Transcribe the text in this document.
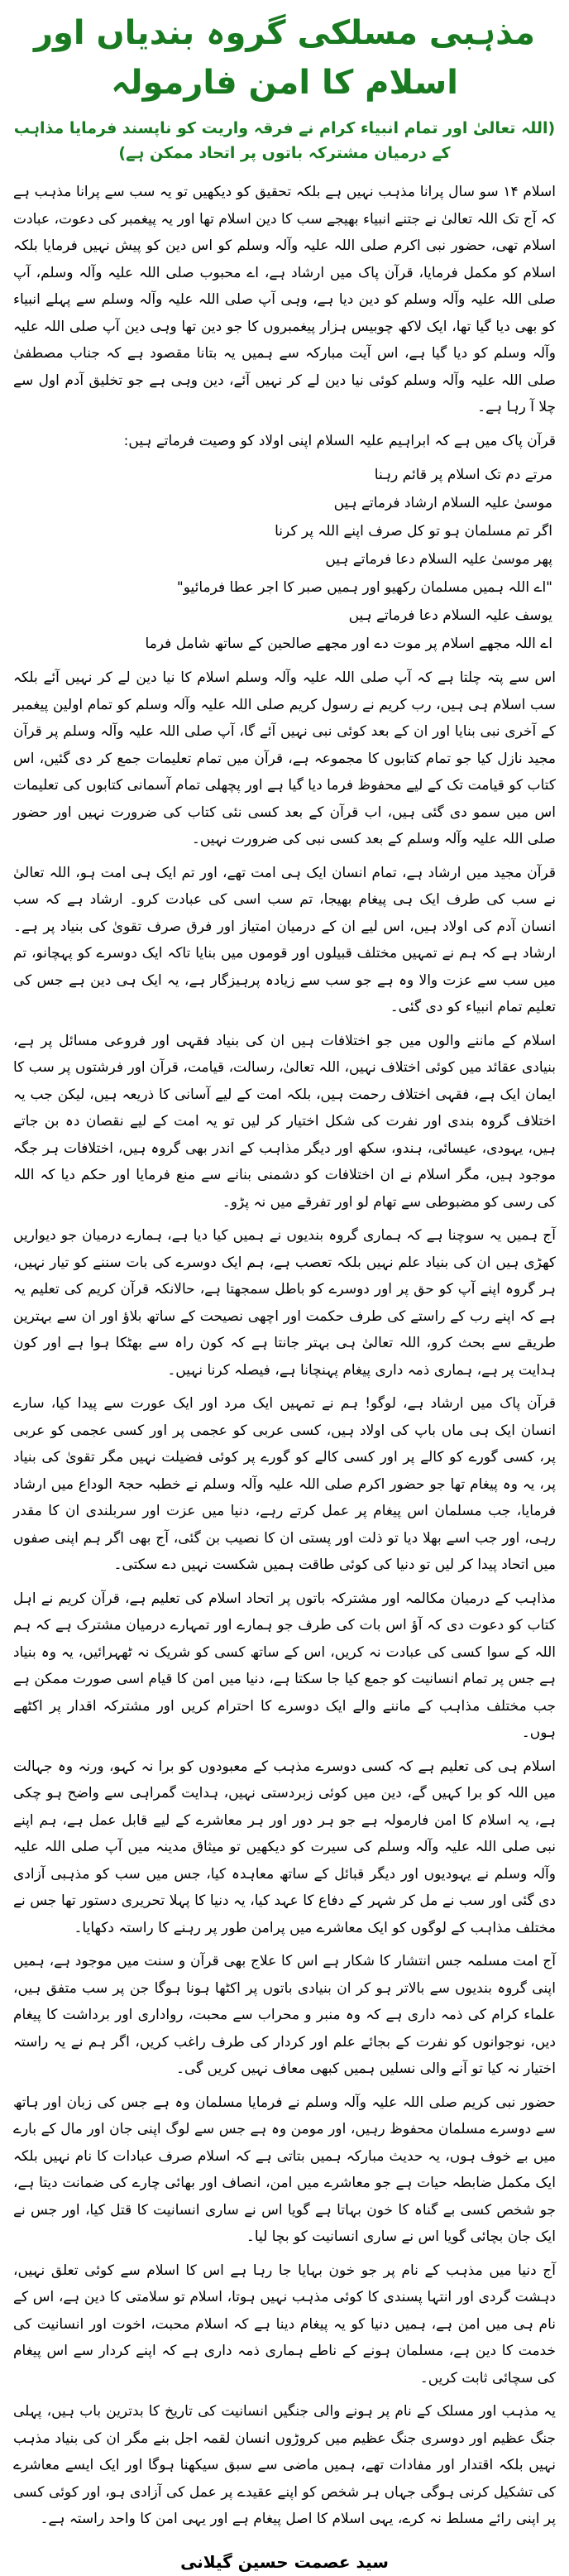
مذہبی مسلکی گروہ بندیاں اور اسلام کا امن فارمولہ

(اللہ تعالیٰ اور تمام انبیاء کرام نے فرقہ واریت کو ناپسند فرمایا مذاہب کے درمیان مشترکہ باتوں پر اتحاد ممکن ہے)

اسلام ۱۴ سو سال پرانا مذہب نہیں ہے بلکہ تحقیق کو دیکھیں تو یہ سب سے پرانا مذہب ہے کہ آج تک اللہ تعالیٰ نے جتنے انبیاء بھیجے سب کا دین اسلام تھا اور یہ پیغمبر کی دعوت، عبادت اسلام تھی، حضور نبی اکرم صلی اللہ علیہ وآلہ وسلم کو اس دین کو پیش نہیں فرمایا بلکہ اسلام کو مکمل فرمایا، قرآن پاک میں ارشاد ہے، اے محبوب صلی اللہ علیہ وآلہ وسلم، آپ صلی اللہ علیہ وآلہ وسلم کو دین دیا ہے، وہی آپ صلی اللہ علیہ وآلہ وسلم سے پہلے انبیاء کو بھی دیا گیا تھا، ایک لاکھ چوبیس ہزار پیغمبروں کا جو دین تھا وہی دین آپ صلی اللہ علیہ وآلہ وسلم کو دیا گیا ہے، اس آیت مبارکہ سے ہمیں یہ بتانا مقصود ہے کہ جناب مصطفیٰ صلی اللہ علیہ وآلہ وسلم کوئی نیا دین لے کر نہیں آئے، دین وہی ہے جو تخلیق آدم اول سے چلا آ رہا ہے۔

قرآن پاک میں ہے کہ ابراہیم علیہ السلام اپنی اولاد کو وصیت فرماتے ہیں:

مرتے دم تک اسلام پر قائم رہنا

موسیٰ علیہ السلام ارشاد فرماتے ہیں

اگر تم مسلمان ہو تو کل صرف اپنے اللہ پر کرنا

پھر موسیٰ علیہ السلام دعا فرماتے ہیں

"اے اللہ ہمیں مسلمان رکھیو اور ہمیں صبر کا اجر عطا فرمائیو"

یوسف علیہ السلام دعا فرماتے ہیں

اے اللہ مجھے اسلام پر موت دے اور مجھے صالحین کے ساتھ شامل فرما

اس سے پتہ چلتا ہے کہ آپ صلی اللہ علیہ وآلہ وسلم اسلام کا نیا دین لے کر نہیں آئے بلکہ سب اسلام ہی ہیں، رب کریم نے رسول کریم صلی اللہ علیہ وآلہ وسلم کو تمام اولین پیغمبر کے آخری نبی بنایا اور ان کے بعد کوئی نبی نہیں آئے گا، آپ صلی اللہ علیہ وآلہ وسلم پر قرآن مجید نازل کیا جو تمام کتابوں کا مجموعہ ہے، قرآن میں تمام تعلیمات جمع کر دی گئیں، اس کتاب کو قیامت تک کے لیے محفوظ فرما دیا گیا ہے اور پچھلی تمام آسمانی کتابوں کی تعلیمات اس میں سمو دی گئی ہیں، اب قرآن کے بعد کسی نئی کتاب کی ضرورت نہیں اور حضور صلی اللہ علیہ وآلہ وسلم کے بعد کسی نبی کی ضرورت نہیں۔

قرآن مجید میں ارشاد ہے، تمام انسان ایک ہی امت تھے، اور تم ایک ہی امت ہو، اللہ تعالیٰ نے سب کی طرف ایک ہی پیغام بھیجا، تم سب اسی کی عبادت کرو۔ ارشاد ہے کہ سب انسان آدم کی اولاد ہیں، اس لیے ان کے درمیان امتیاز اور فرق صرف تقویٰ کی بنیاد پر ہے۔ ارشاد ہے کہ ہم نے تمہیں مختلف قبیلوں اور قوموں میں بنایا تاکہ ایک دوسرے کو پہچانو، تم میں سب سے عزت والا وہ ہے جو سب سے زیادہ پرہیزگار ہے، یہ ایک ہی دین ہے جس کی تعلیم تمام انبیاء کو دی گئی۔

اسلام کے ماننے والوں میں جو اختلافات ہیں ان کی بنیاد فقہی اور فروعی مسائل پر ہے، بنیادی عقائد میں کوئی اختلاف نہیں، اللہ تعالیٰ، رسالت، قیامت، قرآن اور فرشتوں پر سب کا ایمان ایک ہے، فقہی اختلاف رحمت ہیں، بلکہ امت کے لیے آسانی کا ذریعہ ہیں، لیکن جب یہ اختلاف گروہ بندی اور نفرت کی شکل اختیار کر لیں تو یہ امت کے لیے نقصان دہ بن جاتے ہیں، یہودی، عیسائی، ہندو، سکھ اور دیگر مذاہب کے اندر بھی گروہ ہیں، اختلافات ہر جگہ موجود ہیں، مگر اسلام نے ان اختلافات کو دشمنی بنانے سے منع فرمایا اور حکم دیا کہ اللہ کی رسی کو مضبوطی سے تھام لو اور تفرقے میں نہ پڑو۔

آج ہمیں یہ سوچنا ہے کہ ہماری گروہ بندیوں نے ہمیں کیا دیا ہے، ہمارے درمیان جو دیواریں کھڑی ہیں ان کی بنیاد علم نہیں بلکہ تعصب ہے، ہم ایک دوسرے کی بات سننے کو تیار نہیں، ہر گروہ اپنے آپ کو حق پر اور دوسرے کو باطل سمجھتا ہے، حالانکہ قرآن کریم کی تعلیم یہ ہے کہ اپنے رب کے راستے کی طرف حکمت اور اچھی نصیحت کے ساتھ بلاؤ اور ان سے بہترین طریقے سے بحث کرو، اللہ تعالیٰ ہی بہتر جانتا ہے کہ کون راہ سے بھٹکا ہوا ہے اور کون ہدایت پر ہے، ہماری ذمہ داری پیغام پہنچانا ہے، فیصلہ کرنا نہیں۔

قرآن پاک میں ارشاد ہے، لوگو! ہم نے تمہیں ایک مرد اور ایک عورت سے پیدا کیا، سارے انسان ایک ہی ماں باپ کی اولاد ہیں، کسی عربی کو عجمی پر اور کسی عجمی کو عربی پر، کسی گورے کو کالے پر اور کسی کالے کو گورے پر کوئی فضیلت نہیں مگر تقویٰ کی بنیاد پر، یہ وہ پیغام تھا جو حضور اکرم صلی اللہ علیہ وآلہ وسلم نے خطبہ حجۃ الوداع میں ارشاد فرمایا، جب مسلمان اس پیغام پر عمل کرتے رہے، دنیا میں عزت اور سربلندی ان کا مقدر رہی، اور جب اسے بھلا دیا تو ذلت اور پستی ان کا نصیب بن گئی، آج بھی اگر ہم اپنی صفوں میں اتحاد پیدا کر لیں تو دنیا کی کوئی طاقت ہمیں شکست نہیں دے سکتی۔

مذاہب کے درمیان مکالمہ اور مشترکہ باتوں پر اتحاد اسلام کی تعلیم ہے، قرآن کریم نے اہل کتاب کو دعوت دی کہ آؤ اس بات کی طرف جو ہمارے اور تمہارے درمیان مشترک ہے کہ ہم اللہ کے سوا کسی کی عبادت نہ کریں، اس کے ساتھ کسی کو شریک نہ ٹھہرائیں، یہ وہ بنیاد ہے جس پر تمام انسانیت کو جمع کیا جا سکتا ہے، دنیا میں امن کا قیام اسی صورت ممکن ہے جب مختلف مذاہب کے ماننے والے ایک دوسرے کا احترام کریں اور مشترکہ اقدار پر اکٹھے ہوں۔

اسلام ہی کی تعلیم ہے کہ کسی دوسرے مذہب کے معبودوں کو برا نہ کہو، ورنہ وہ جہالت میں اللہ کو برا کہیں گے، دین میں کوئی زبردستی نہیں، ہدایت گمراہی سے واضح ہو چکی ہے، یہ اسلام کا امن فارمولہ ہے جو ہر دور اور ہر معاشرے کے لیے قابل عمل ہے، ہم اپنے نبی صلی اللہ علیہ وآلہ وسلم کی سیرت کو دیکھیں تو میثاق مدینہ میں آپ صلی اللہ علیہ وآلہ وسلم نے یہودیوں اور دیگر قبائل کے ساتھ معاہدہ کیا، جس میں سب کو مذہبی آزادی دی گئی اور سب نے مل کر شہر کے دفاع کا عہد کیا، یہ دنیا کا پہلا تحریری دستور تھا جس نے مختلف مذاہب کے لوگوں کو ایک معاشرے میں پرامن طور پر رہنے کا راستہ دکھایا۔

آج امت مسلمہ جس انتشار کا شکار ہے اس کا علاج بھی قرآن و سنت میں موجود ہے، ہمیں اپنی گروہ بندیوں سے بالاتر ہو کر ان بنیادی باتوں پر اکٹھا ہونا ہوگا جن پر سب متفق ہیں، علماء کرام کی ذمہ داری ہے کہ وہ منبر و محراب سے محبت، رواداری اور برداشت کا پیغام دیں، نوجوانوں کو نفرت کے بجائے علم اور کردار کی طرف راغب کریں، اگر ہم نے یہ راستہ اختیار نہ کیا تو آنے والی نسلیں ہمیں کبھی معاف نہیں کریں گی۔

حضور نبی کریم صلی اللہ علیہ وآلہ وسلم نے فرمایا مسلمان وہ ہے جس کی زبان اور ہاتھ سے دوسرے مسلمان محفوظ رہیں، اور مومن وہ ہے جس سے لوگ اپنی جان اور مال کے بارے میں بے خوف ہوں، یہ حدیث مبارکہ ہمیں بتاتی ہے کہ اسلام صرف عبادات کا نام نہیں بلکہ ایک مکمل ضابطہ حیات ہے جو معاشرے میں امن، انصاف اور بھائی چارے کی ضمانت دیتا ہے، جو شخص کسی بے گناہ کا خون بہاتا ہے گویا اس نے ساری انسانیت کا قتل کیا، اور جس نے ایک جان بچائی گویا اس نے ساری انسانیت کو بچا لیا۔

آج دنیا میں مذہب کے نام پر جو خون بہایا جا رہا ہے اس کا اسلام سے کوئی تعلق نہیں، دہشت گردی اور انتہا پسندی کا کوئی مذہب نہیں ہوتا، اسلام تو سلامتی کا دین ہے، اس کے نام ہی میں امن ہے، ہمیں دنیا کو یہ پیغام دینا ہے کہ اسلام محبت، اخوت اور انسانیت کی خدمت کا دین ہے، مسلمان ہونے کے ناطے ہماری ذمہ داری ہے کہ اپنے کردار سے اس پیغام کی سچائی ثابت کریں۔

یہ مذہب اور مسلک کے نام پر ہونے والی جنگیں انسانیت کی تاریخ کا بدترین باب ہیں، پہلی جنگ عظیم اور دوسری جنگ عظیم میں کروڑوں انسان لقمہ اجل بنے مگر ان کی بنیاد مذہب نہیں بلکہ اقتدار اور مفادات تھے، ہمیں ماضی سے سبق سیکھنا ہوگا اور ایک ایسے معاشرے کی تشکیل کرنی ہوگی جہاں ہر شخص کو اپنے عقیدے پر عمل کی آزادی ہو، اور کوئی کسی پر اپنی رائے مسلط نہ کرے، یہی اسلام کا اصل پیغام ہے اور یہی امن کا واحد راستہ ہے۔

سید عصمت حسین گیلانی
